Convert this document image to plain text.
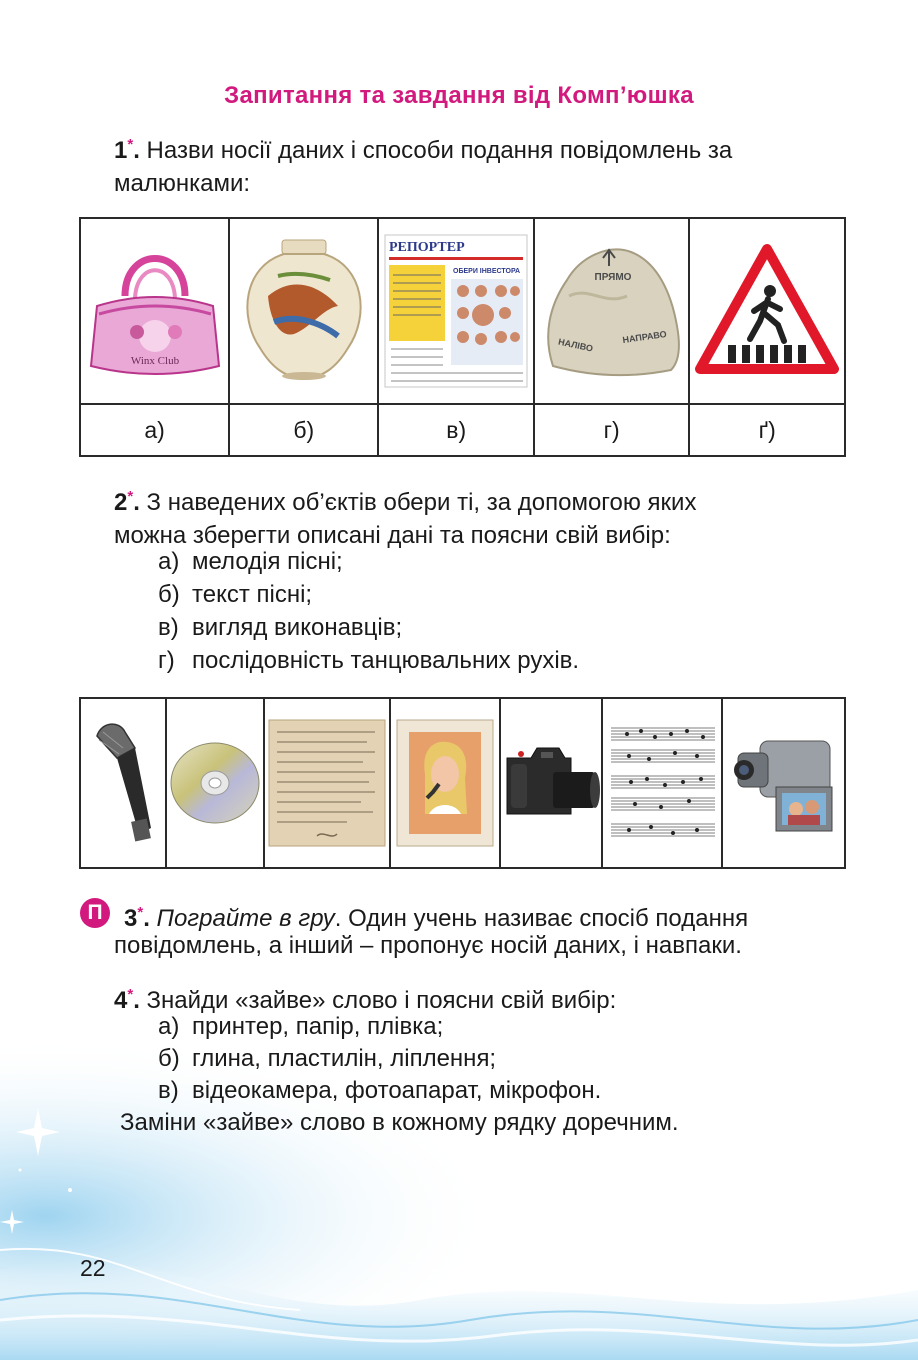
Запитання та завдання від Комп’юшка
1*. Назви носії даних і способи подання повідомлень за
малюнками:
Winx Club		РЕПОРТЕР
ОБЕРИ ІНВЕСТОРА	ПРЯМО
НАЛІВО НАПРАВО

а)	б)	в)	г)	ґ)
2*. З наведених об’єктів обери ті, за допомогою яких
можна зберегти описані дані та поясни свій вибір:
а) мелодія пісні;
б) текст пісні;
в) вигляд виконавців;
г) послідовність танцювальних рухів.

П 3*. Пограйте в гру. Один учень називає спосіб подання
повідомлень, а інший – пропонує носій даних, і навпаки.
4*. Знайди «зайве» слово і поясни свій вибір:
а) принтер, папір, плівка;
б) глина, пластилін, ліплення;
в) відеокамера, фотоапарат, мікрофон.
Заміни «зайве» слово в кожному рядку доречним.
22
